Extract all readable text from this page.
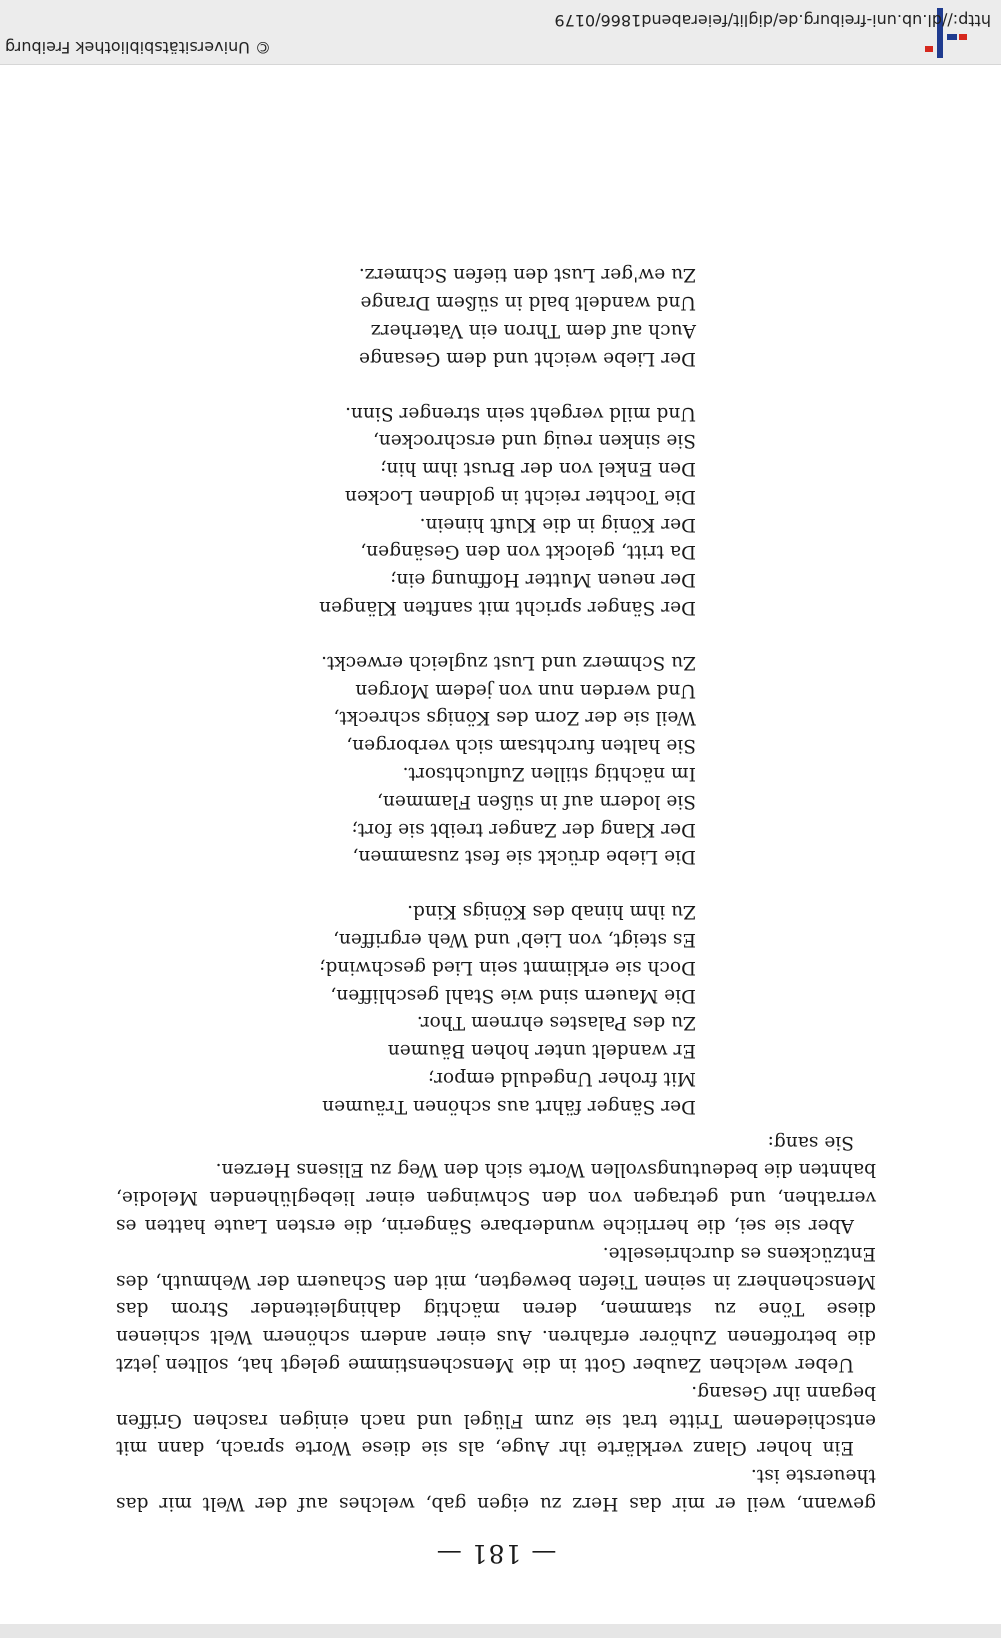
— 181 —

gewann, weil er mir das Herz zu eigen gab, welches auf der Welt mir das theuerste ist.

Ein hoher Glanz verklärte ihr Auge, als sie diese Worte sprach, dann mit entschiedenem Tritte trat sie zum Flügel und nach einigen raschen Griffen begann ihr Gesang.

Ueber welchen Zauber Gott in die Menschenstimme gelegt hat, sollten jetzt die betroffenen Zuhörer erfahren. Aus einer andern schönern Welt schienen diese Töne zu stammen, deren mächtig dahingleitender Strom das Menschenherz in seinen Tiefen bewegten, mit den Schauern der Wehmuth, des Entzückens es durchrieselte.

Aber sie sei, die herrliche wunderbare Sängerin, die ersten Laute hatten es verrathen, und getragen von den Schwingen einer liebeglühenden Melodie, bahnten die bedeutungsvollen Worte sich den Weg zu Elisens Herzen.

Sie sang:

Der Sänger fährt aus schönen Träumen
Mit froher Ungeduld empor;
Er wandelt unter hohen Bäumen
Zu des Palastes ehrnem Thor.
Die Mauern sind wie Stahl geschliffen,
Doch sie erklimmt sein Lied geschwind;
Es steigt, von Lieb' und Weh ergriffen,
Zu ihm hinab des Königs Kind.
Die Liebe drückt sie fest zusammen,
Der Klang der Zanger treibt sie fort;
Sie lodern auf in süßen Flammen,
Im nächtig stillen Zufluchtsort.
Sie halten furchtsam sich verborgen,
Weil sie der Zorn des Königs schreckt,
Und werden nun von jedem Morgen
Zu Schmerz und Lust zugleich erweckt.
Der Sänger spricht mit sanften Klängen
Der neuen Mutter Hoffnung ein;
Da tritt, gelockt von den Gesängen,
Der König in die Kluft hinein.
Die Tochter reicht in goldnen Locken
Den Enkel von der Brust ihm hin;
Sie sinken reuig und erschrocken,
Und mild vergeht sein strenger Sinn.
Der Liebe weicht und dem Gesange
Auch auf dem Thron ein Vaterherz
Und wandelt bald in süßem Drange
Zu ew'ger Lust den tiefen Schmerz.
http://dl.ub.uni-freiburg.de/diglit/feierabend1866/0179
© Universitätsbibliothek Freiburg
